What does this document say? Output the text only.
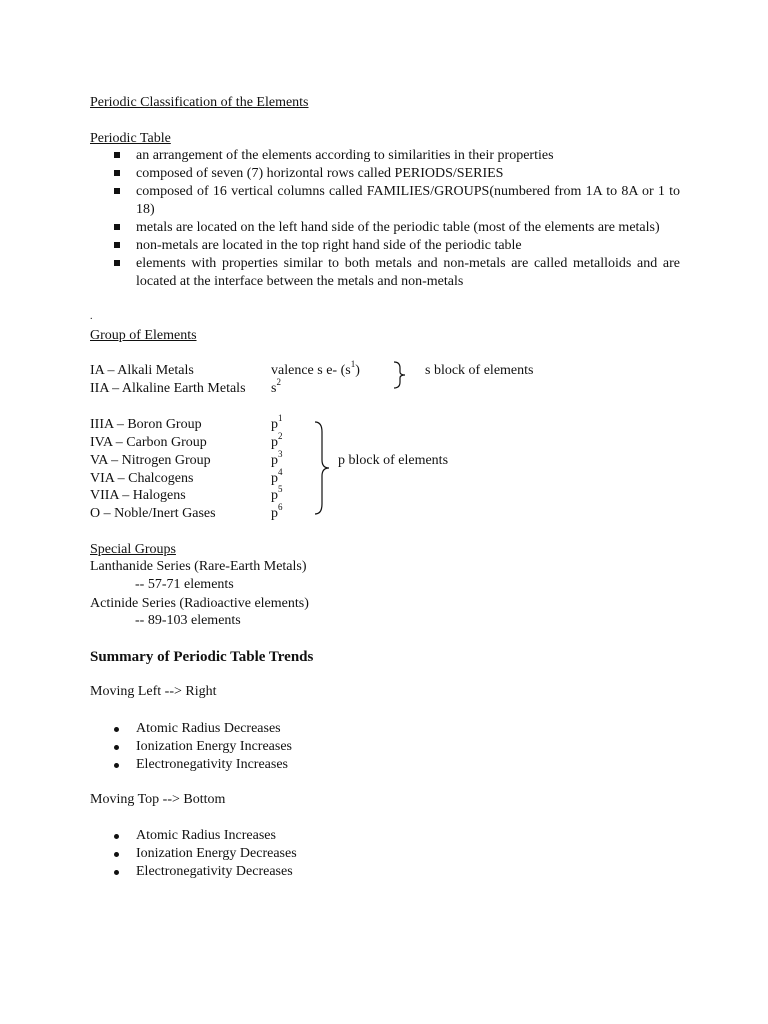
Periodic Classification of the Elements
Periodic Table
an arrangement of the elements according to similarities in their properties
composed of seven (7) horizontal rows called PERIODS/SERIES
composed of 16 vertical columns called FAMILIES/GROUPS(numbered from 1A to 8A or 1 to 18)
metals are located on the left hand side of the periodic table (most of the elements are metals)
non-metals are located in the top right hand side of the periodic table
elements with properties similar to both metals and non-metals are called metalloids and are located at the interface between the metals and non-metals
.
Group of Elements
IA – Alkali Metals	valence s e- $(s^1)$
IIA – Alkaline Earth Metals $s^2$
s block of elements
IIIA – Boron Group	$p^1$
IVA – Carbon Group	$p^2$
VA – Nitrogen Group	$p^3$
VIA – Chalcogens	$p^4$
VIIA – Halogens	$p^5$
O – Noble/Inert Gases	$p^6$
p block of elements
Special Groups
Lanthanide Series (Rare-Earth Metals)
-- 57-71 elements
Actinide Series (Radioactive elements)
-- 89-103 elements
Summary of Periodic Table Trends
Moving Left --> Right
Atomic Radius Decreases
Ionization Energy Increases
Electronegativity Increases
Moving Top --> Bottom
Atomic Radius Increases
Ionization Energy Decreases
Electronegativity Decreases
